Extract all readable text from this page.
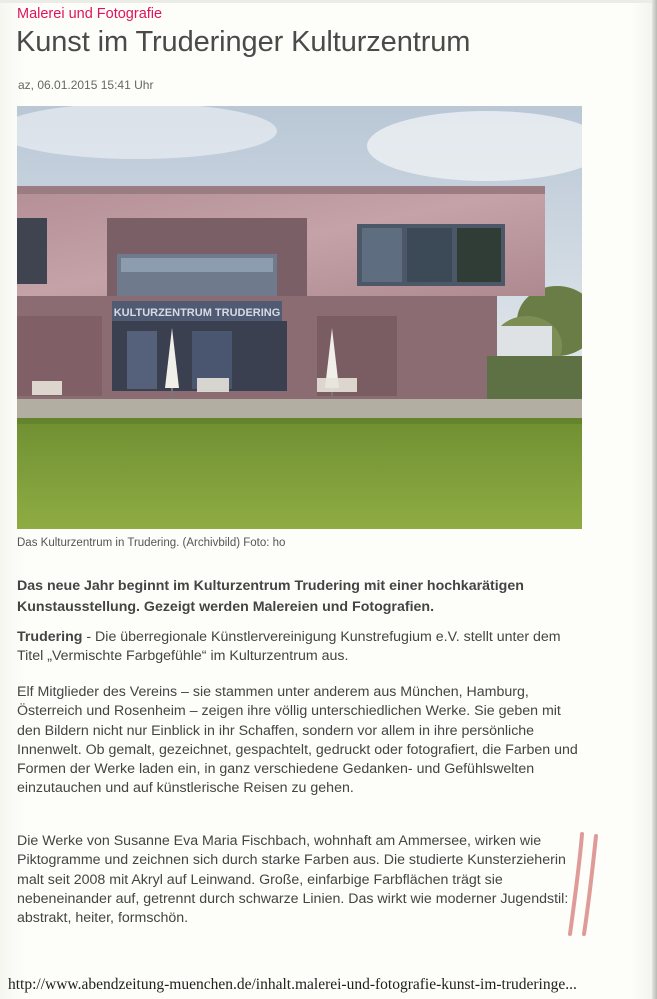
Malerei und Fotografie
Kunst im Truderinger Kulturzentrum
az, 06.01.2015 15:41 Uhr
KULTURZENTRUM TRUDERING
Das Kulturzentrum in Trudering. (Archivbild) Foto: ho

Das neue Jahr beginnt im Kulturzentrum Trudering mit einer hochkarätigen Kunstausstellung. Gezeigt werden Malereien und Fotografien.

Trudering - Die überregionale Künstlervereinigung Kunstrefugium e.V. stellt unter dem Titel „Vermischte Farbgefühle“ im Kulturzentrum aus.

Elf Mitglieder des Vereins – sie stammen unter anderem aus München, Hamburg, Österreich und Rosenheim – zeigen ihre völlig unterschiedlichen Werke. Sie geben mit den Bildern nicht nur Einblick in ihr Schaffen, sondern vor allem in ihre persönliche Innenwelt. Ob gemalt, gezeichnet, gespachtelt, gedruckt oder fotografiert, die Farben und Formen der Werke laden ein, in ganz verschiedene Gedanken- und Gefühlswelten einzutauchen und auf künstlerische Reisen zu gehen.

Die Werke von Susanne Eva Maria Fischbach, wohnhaft am Ammersee, wirken wie Piktogramme und zeichnen sich durch starke Farben aus. Die studierte Kunsterzieherin malt seit 2008 mit Akryl auf Leinwand. Große, einfarbige Farbflächen trägt sie nebeneinander auf, getrennt durch schwarze Linien. Das wirkt wie moderner Jugendstil: abstrakt, heiter, formschön.

http://www.abendzeitung-muenchen.de/inhalt.malerei-und-fotografie-kunst-im-truderinge...
